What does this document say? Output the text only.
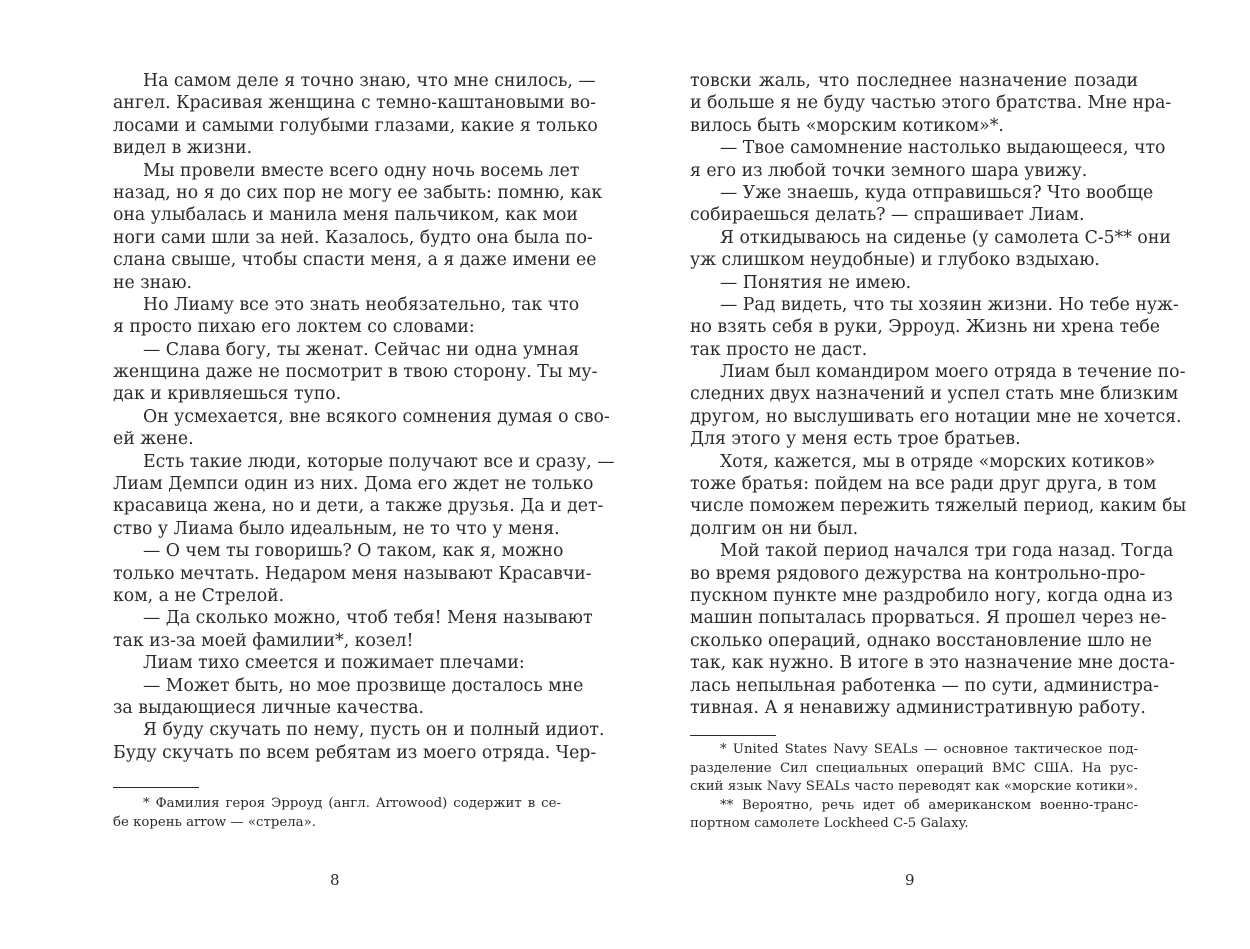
На самом деле я точно знаю, что мне снилось, —
ангел. Красивая женщина с темно-каштановыми во-
лосами и самыми голубыми глазами, какие я только
видел в жизни.
Мы провели вместе всего одну ночь восемь лет
назад, но я до сих пор не могу ее забыть: помню, как
она улыбалась и манила меня пальчиком, как мои
ноги сами шли за ней. Казалось, будто она была по-
слана свыше, чтобы спасти меня, а я даже имени ее
не знаю.
Но Лиаму все это знать необязательно, так что
я просто пихаю его локтем со словами:
— Слава богу, ты женат. Сейчас ни одна умная
женщина даже не посмотрит в твою сторону. Ты му-
дак и кривляешься тупо.
Он усмехается, вне всякого сомнения думая о сво-
ей жене.
Есть такие люди, которые получают все и сразу, —
Лиам Демпси один из них. Дома его ждет не только
красавица жена, но и дети, а также друзья. Да и дет-
ство у Лиама было идеальным, не то что у меня.
— О чем ты говоришь? О таком, как я, можно
только мечтать. Недаром меня называют Красавчи-
ком, а не Стрелой.
— Да сколько можно, чтоб тебя! Меня называют
так из-за моей фамилии*, козел!
Лиам тихо смеется и пожимает плечами:
— Может быть, но мое прозвище досталось мне
за выдающиеся личные качества.
Я буду скучать по нему, пусть он и полный идиот.
Буду скучать по всем ребятам из моего отряда. Чер-
* Фамилия героя Эрроуд (англ. Arrowood) содержит в се-
бе корень arrow — «стрела».
8
товски жаль, что последнее назначение позади
и больше я не буду частью этого братства. Мне нра-
вилось быть «морским котиком»*.
— Твое самомнение настолько выдающееся, что
я его из любой точки земного шара увижу.
— Уже знаешь, куда отправишься? Что вообще
собираешься делать? — спрашивает Лиам.
Я откидываюсь на сиденье (у самолета С-5** они
уж слишком неудобные) и глубоко вздыхаю.
— Понятия не имею.
— Рад видеть, что ты хозяин жизни. Но тебе нуж-
но взять себя в руки, Эрроуд. Жизнь ни хрена тебе
так просто не даст.
Лиам был командиром моего отряда в течение по-
следних двух назначений и успел стать мне близким
другом, но выслушивать его нотации мне не хочется.
Для этого у меня есть трое братьев.
Хотя, кажется, мы в отряде «морских котиков»
тоже братья: пойдем на все ради друг друга, в том
числе поможем пережить тяжелый период, каким бы
долгим он ни был.
Мой такой период начался три года назад. Тогда
во время рядового дежурства на контрольно-про-
пускном пункте мне раздробило ногу, когда одна из
машин попыталась прорваться. Я прошел через не-
сколько операций, однако восстановление шло не
так, как нужно. В итоге в это назначение мне доста-
лась непыльная работенка — по сути, администра-
тивная. А я ненавижу административную работу.
* United States Navy SEALs — основное тактическое под-
разделение Сил специальных операций ВМС США. На рус-
ский язык Navy SEALs часто переводят как «морские котики».
** Вероятно, речь идет об американском военно-транс-
портном самолете Lockheed C-5 Galaxy.
9
